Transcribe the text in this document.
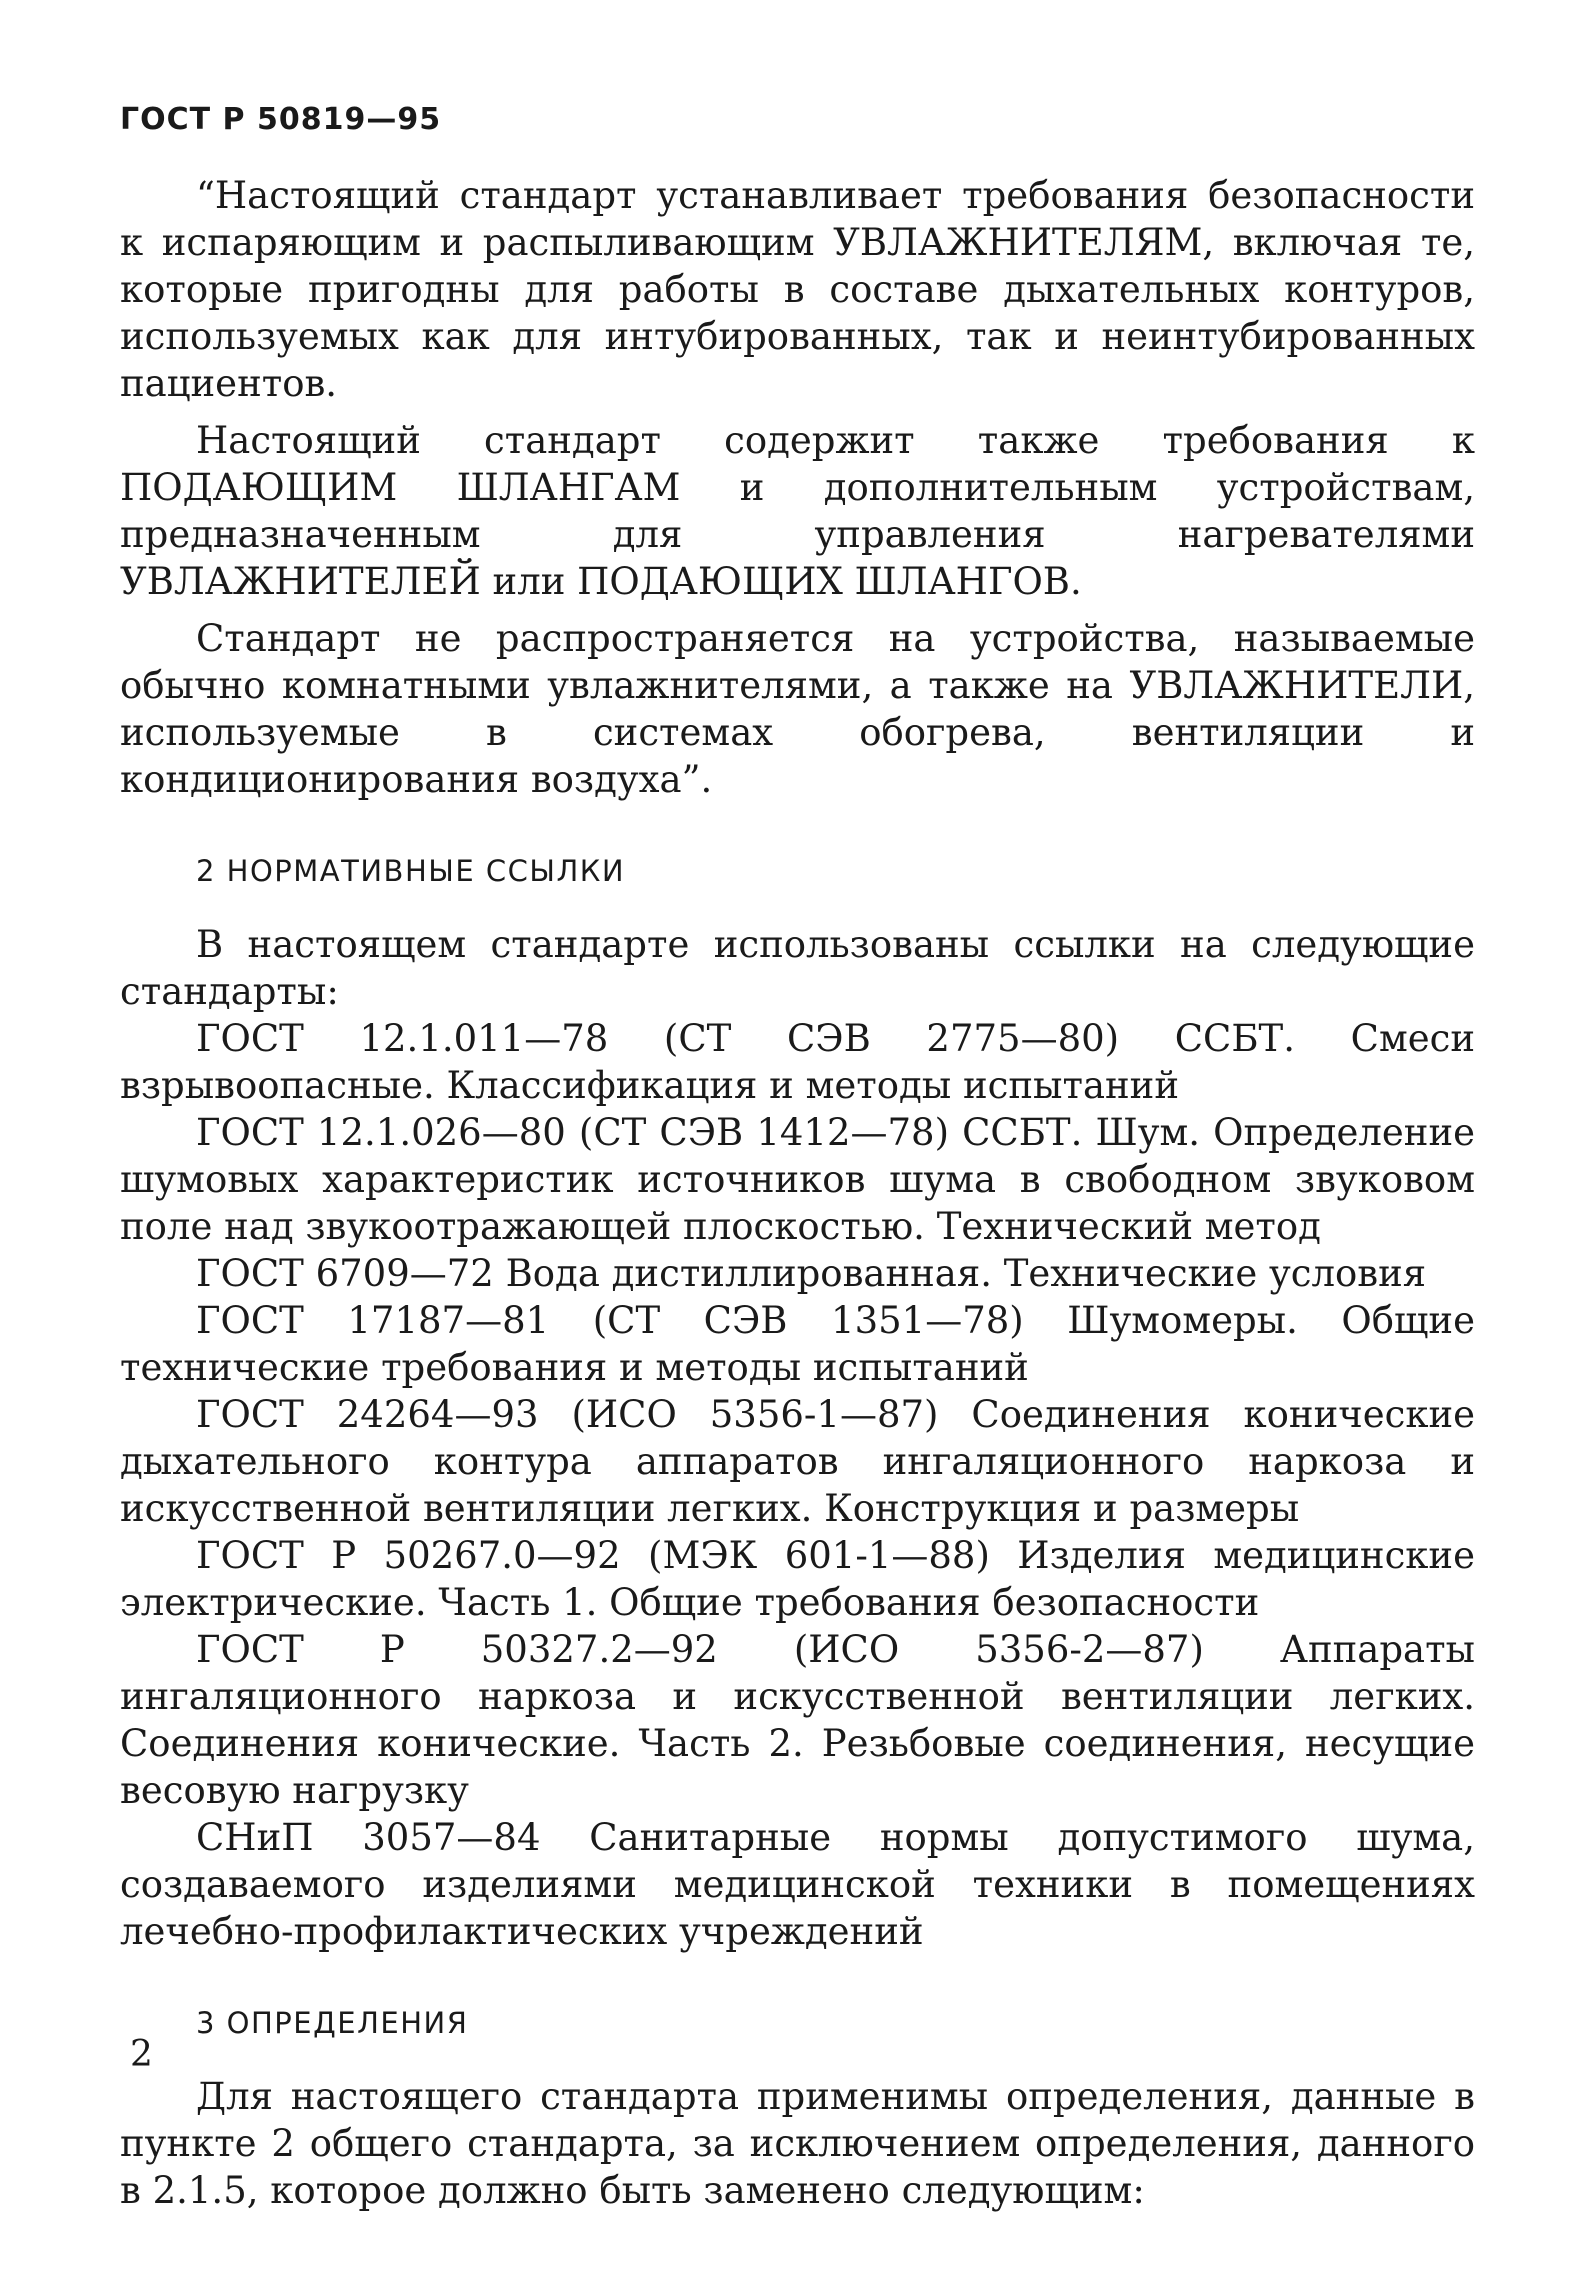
ГОСТ Р 50819—95

“Настоящий стандарт устанавливает требования безопасности к испаряющим и распыливающим УВЛАЖНИТЕЛЯМ, включая те, которые пригодны для работы в составе дыхательных контуров, используемых как для интубированных, так и неинтубированных пациентов.

Настоящий стандарт содержит также требования к ПОДАЮЩИМ ШЛАНГАМ и дополнительным устройствам, предназначенным для управления нагревателями УВЛАЖНИТЕЛЕЙ или ПОДАЮЩИХ ШЛАНГОВ.

Стандарт не распространяется на устройства, называемые обычно комнатными увлажнителями, а также на УВЛАЖНИТЕЛИ, используемые в системах обогрева, вентиляции и кондиционирования воздуха”.

2 НОРМАТИВНЫЕ ССЫЛКИ

В настоящем стандарте использованы ссылки на следующие стандарты:

ГОСТ 12.1.011—78 (СТ СЭВ 2775—80) ССБТ. Смеси взрывоопасные. Классификация и методы испытаний

ГОСТ 12.1.026—80 (СТ СЭВ 1412—78) ССБТ. Шум. Определение шумовых характеристик источников шума в свободном звуковом поле над звукоотражающей плоскостью. Технический метод

ГОСТ 6709—72 Вода дистиллированная. Технические условия

ГОСТ 17187—81 (СТ СЭВ 1351—78) Шумомеры. Общие технические требования и методы испытаний

ГОСТ 24264—93 (ИСО 5356-1—87) Соединения конические дыхательного контура аппаратов ингаляционного наркоза и искусственной вентиляции легких. Конструкция и размеры

ГОСТ Р 50267.0—92 (МЭК 601-1—88) Изделия медицинские электрические. Часть 1. Общие требования безопасности

ГОСТ Р 50327.2—92 (ИСО 5356-2—87) Аппараты ингаляционного наркоза и искусственной вентиляции легких. Соединения конические. Часть 2. Резьбовые соединения, несущие весовую нагрузку

СНиП 3057—84 Санитарные нормы допустимого шума, создаваемого изделиями медицинской техники в помещениях лечебно-профилактических учреждений

3 ОПРЕДЕЛЕНИЯ

Для настоящего стандарта применимы определения, данные в пункте 2 общего стандарта, за исключением определения, данного в 2.1.5, которое должно быть заменено следующим:

2
